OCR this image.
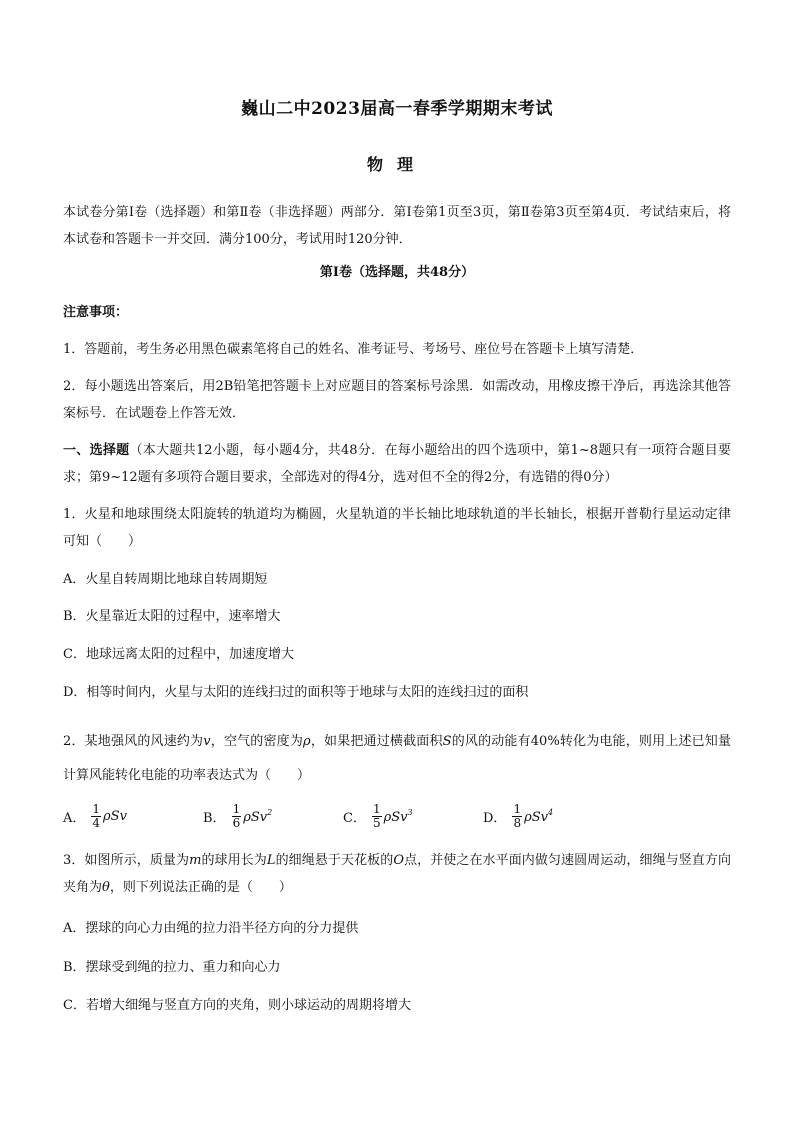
巍山二中2023届高一春季学期期末考试
物理
本试卷分第Ⅰ卷（选择题）和第Ⅱ卷（非选择题）两部分．第Ⅰ卷第1页至3页，第Ⅱ卷第3页至第4页．考试结束后，将本试卷和答题卡一并交回．满分100分，考试用时120分钟．
第Ⅰ卷（选择题，共48分）
注意事项：
1．答题前，考生务必用黑色碳素笔将自己的姓名、准考证号、考场号、座位号在答题卡上填写清楚．
2．每小题选出答案后，用2B铅笔把答题卡上对应题目的答案标号涂黑．如需改动，用橡皮擦干净后，再选涂其他答案标号．在试题卷上作答无效．
一、选择题（本大题共12小题，每小题4分，共48分．在每小题给出的四个选项中，第1~8题只有一项符合题目要求；第9~12题有多项符合题目要求，全部选对的得4分，选对但不全的得2分，有选错的得0分）
1．火星和地球围绕太阳旋转的轨道均为椭圆，火星轨道的半长轴比地球轨道的半长轴长，根据开普勒行星运动定律可知（　　）
A．火星自转周期比地球自转周期短
B．火星靠近太阳的过程中，速率增大
C．地球远离太阳的过程中，加速度增大
D．相等时间内，火星与太阳的连线扫过的面积等于地球与太阳的连线扫过的面积
2．某地强风的风速约为v，空气的密度为ρ，如果把通过横截面积S的风的动能有40%转化为电能，则用上述已知量计算风能转化电能的功率表达式为（　　）
A． $\frac{1}{4}$ ρSv	B． $\frac{1}{6} \rho Sv^2$	C． $\frac{1}{5} \rho Sv^3$	D． $\frac{1}{8} \rho Sv^4$
3．如图所示，质量为m的球用长为L的细绳悬于天花板的O点，并使之在水平面内做匀速圆周运动，细绳与竖直方向夹角为θ，则下列说法正确的是（　　）
A．摆球的向心力由绳的拉力沿半径方向的分力提供
B．摆球受到绳的拉力、重力和向心力
C．若增大细绳与竖直方向的夹角，则小球运动的周期将增大
